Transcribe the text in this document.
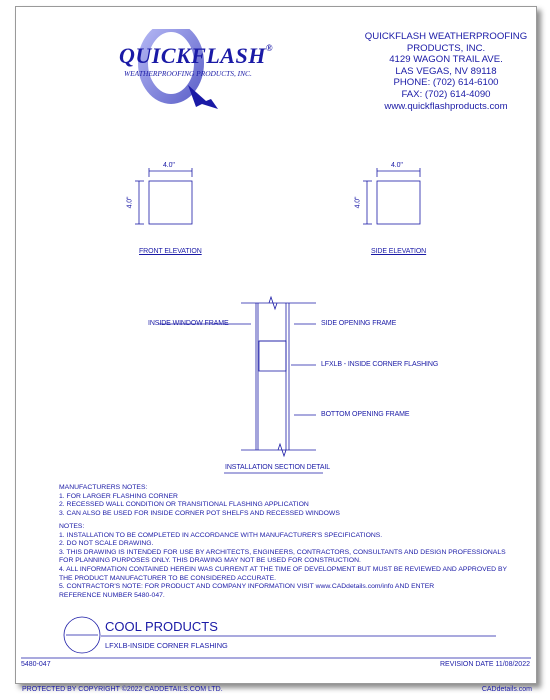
QUICKFLASH®
WEATHERPROOFING PRODUCTS, INC.
QUICKFLASH WEATHERPROOFING
PRODUCTS, INC.
4129 WAGON TRAIL AVE.
LAS VEGAS, NV 89118
PHONE: (702) 614-6100
FAX: (702) 614-4090
www.quickflashproducts.com
4.0"
4.0"
FRONT ELEVATION
4.0"
4.0"
SIDE ELEVATION
INSIDE WINDOW FRAME	SIDE OPENING FRAME
LFXLB - INSIDE CORNER FLASHING
BOTTOM OPENING FRAME
INSTALLATION SECTION DETAIL
MANUFACTURERS NOTES:
1. FOR LARGER FLASHING CORNER
2. RECESSED WALL CONDITION OR TRANSITIONAL FLASHING APPLICATION
3. CAN ALSO BE USED FOR INSIDE CORNER POT SHELFS AND RECESSED WINDOWS
NOTES:
1. INSTALLATION TO BE COMPLETED IN ACCORDANCE WITH MANUFACTURER'S SPECIFICATIONS.
2. DO NOT SCALE DRAWING.
3. THIS DRAWING IS INTENDED FOR USE BY ARCHITECTS, ENGINEERS, CONTRACTORS, CONSULTANTS AND DESIGN PROFESSIONALS
FOR PLANNING PURPOSES ONLY. THIS DRAWING MAY NOT BE USED FOR CONSTRUCTION.
4. ALL INFORMATION CONTAINED HEREIN WAS CURRENT AT THE TIME OF DEVELOPMENT BUT MUST BE REVIEWED AND APPROVED BY
THE PRODUCT MANUFACTURER TO BE CONSIDERED ACCURATE.
5. CONTRACTOR'S NOTE: FOR PRODUCT AND COMPANY INFORMATION VISIT www.CADdetails.com/info AND ENTER
REFERENCE NUMBER 5480-047.
COOL PRODUCTS
LFXLB-INSIDE CORNER FLASHING
5480-047	REVISION DATE 11/08/2022
PROTECTED BY COPYRIGHT ©2022 CADDETAILS.COM LTD.	CADdetails.com
